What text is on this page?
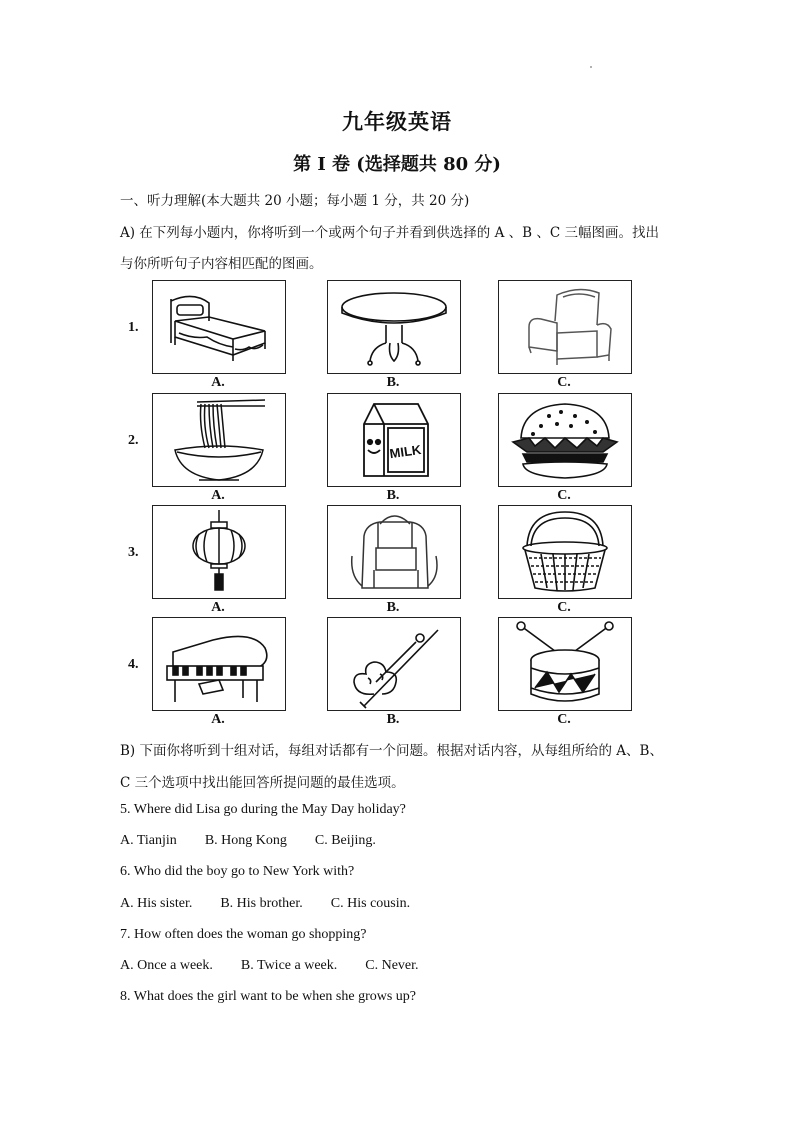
九年级英语
第 I 卷 (选择题共 80 分)
一、听力理解(本大题共 20 小题；每小题 1 分，共 20 分)
A) 在下列每小题内，你将听到一个或两个句子并看到供选择的 A 、B 、C 三幅图画。找出
与你所听句子内容相匹配的图画。
1.
A.	B.	C.
2.
MILK
A.	B.	C.
3.
A.	B.	C.
4.
A.	B.	C.
B) 下面你将听到十组对话，每组对话都有一个问题。根据对话内容，从每组所给的 A、B、
C 三个选项中找出能回答所提问题的最佳选项。
5. Where did Lisa go during the May Day holiday?
A. Tianjin B. Hong Kong C. Beijing.
6. Who did the boy go to New York with?
A. His sister. B. His brother. C. His cousin.
7. How often does the woman go shopping?
A. Once a week. B. Twice a week. C. Never.
8. What does the girl want to be when she grows up?
